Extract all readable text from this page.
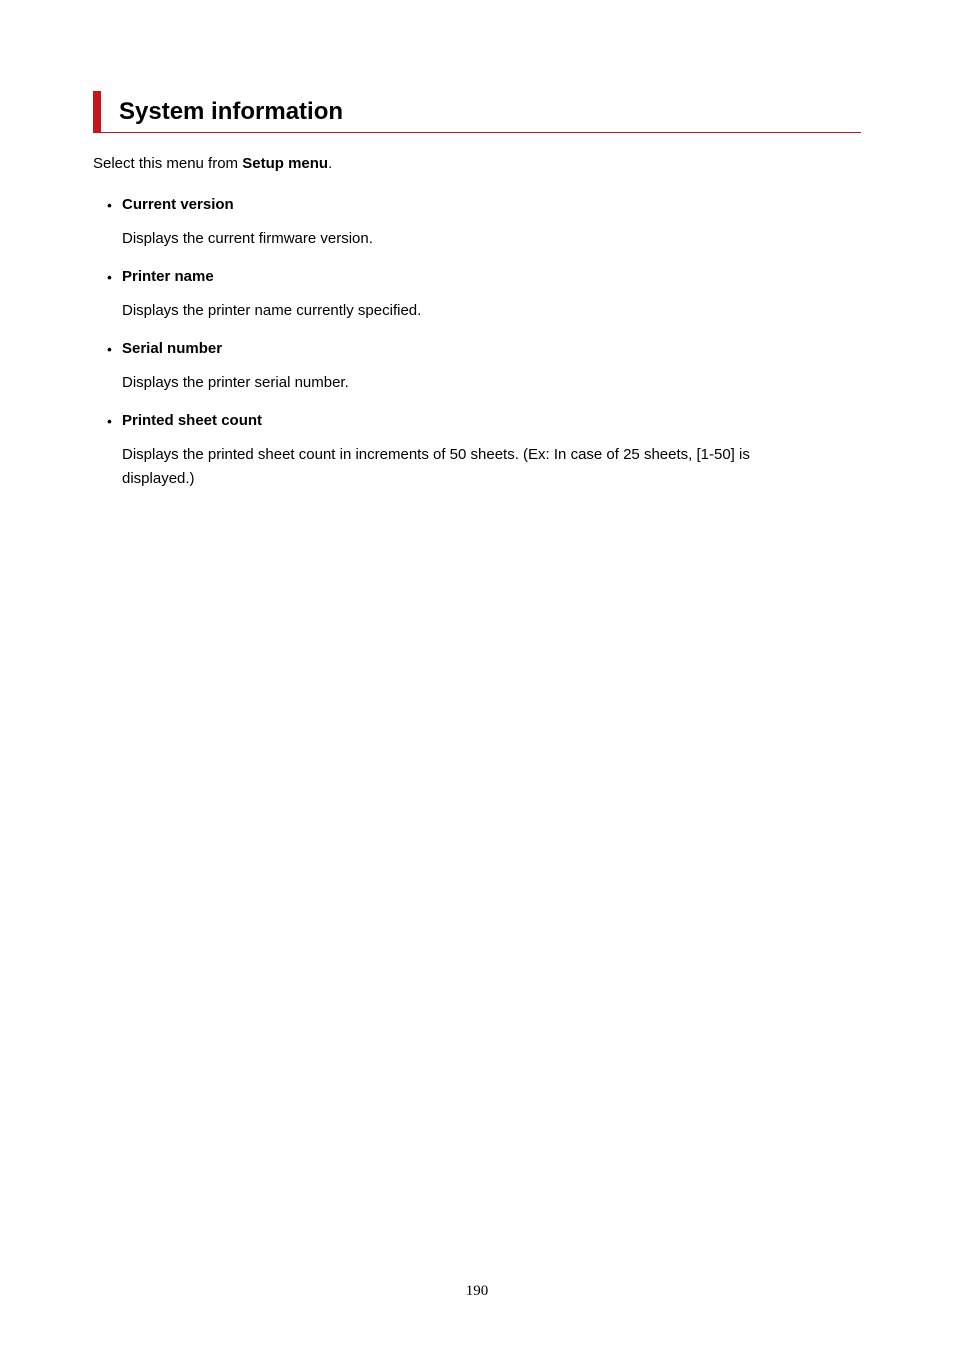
System information
Select this menu from Setup menu.
• Current version
Displays the current firmware version.
• Printer name
Displays the printer name currently specified.
• Serial number
Displays the printer serial number.
• Printed sheet count
Displays the printed sheet count in increments of 50 sheets. (Ex: In case of 25 sheets, [1-50] is displayed.)
190
